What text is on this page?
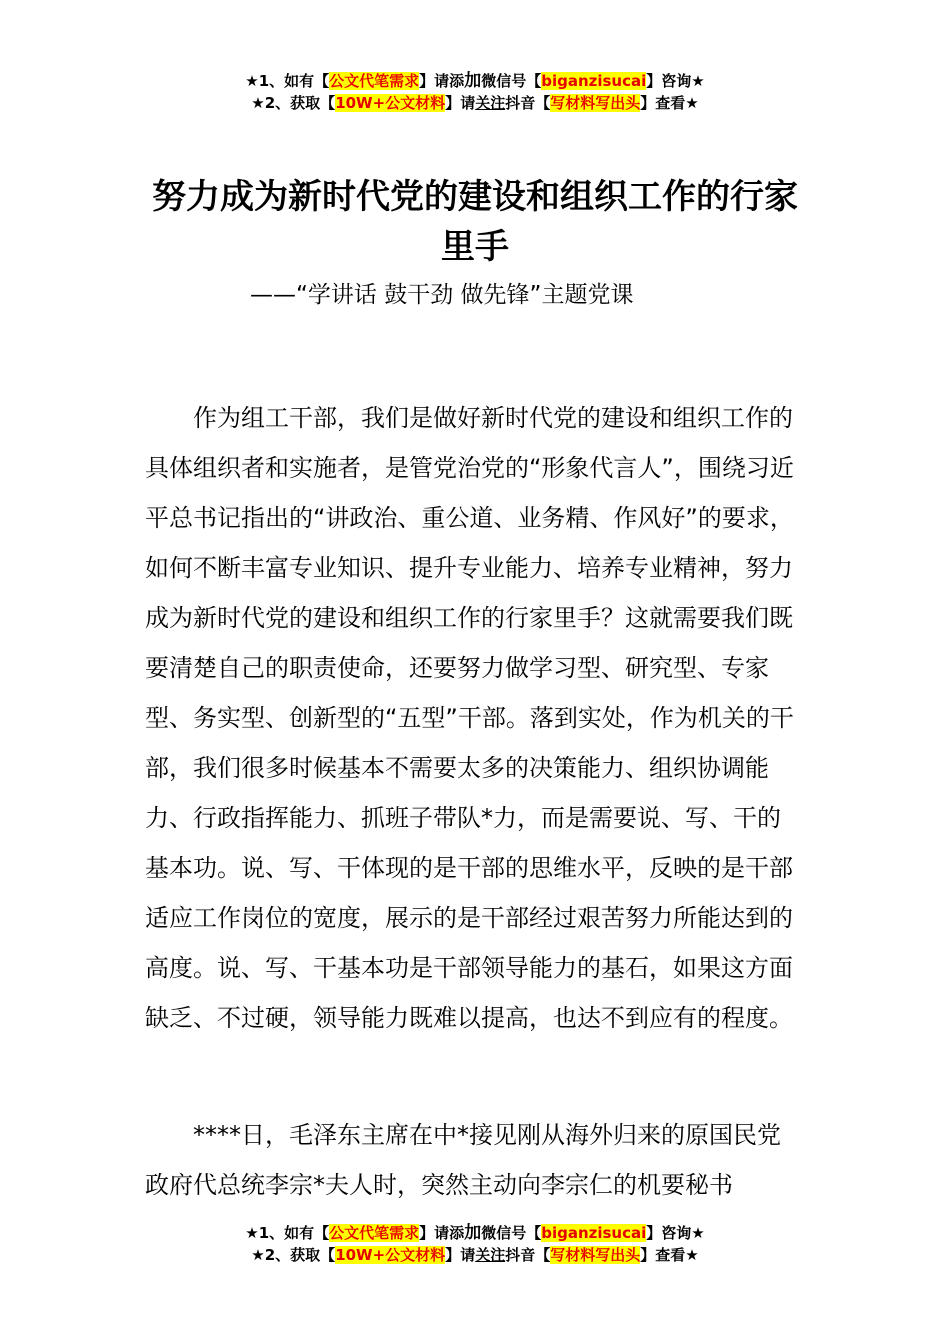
★1、如有【公文代笔需求】请添加微信号【biganzisucai】咨询★
★2、获取【10W+公文材料】请关注抖音【写材料写出头】查看★
努力成为新时代党的建设和组织工作的行家里手
——“学讲话 鼓干劲 做先锋”主题党课

作为组工干部，我们是做好新时代党的建设和组织工作的具体组织者和实施者，是管党治党的“形象代言人”，围绕习近平总书记指出的“讲政治、重公道、业务精、作风好”的要求，如何不断丰富专业知识、提升专业能力、培养专业精神，努力成为新时代党的建设和组织工作的行家里手？这就需要我们既要清楚自己的职责使命，还要努力做学习型、研究型、专家型、务实型、创新型的“五型”干部。落到实处，作为机关的干部，我们很多时候基本不需要太多的决策能力、组织协调能力、行政指挥能力、抓班子带队*力，而是需要说、写、干的基本功。说、写、干体现的是干部的思维水平，反映的是干部适应工作岗位的宽度，展示的是干部经过艰苦努力所能达到的高度。说、写、干基本功是干部领导能力的基石，如果这方面缺乏、不过硬，领导能力既难以提高，也达不到应有的程度。

****日，毛泽东主席在中*接见刚从海外归来的原国民党政府代总统李宗*夫人时，突然主动向李宗仁的机要秘书

★1、如有【公文代笔需求】请添加微信号【biganzisucai】咨询★
★2、获取【10W+公文材料】请关注抖音【写材料写出头】查看★
